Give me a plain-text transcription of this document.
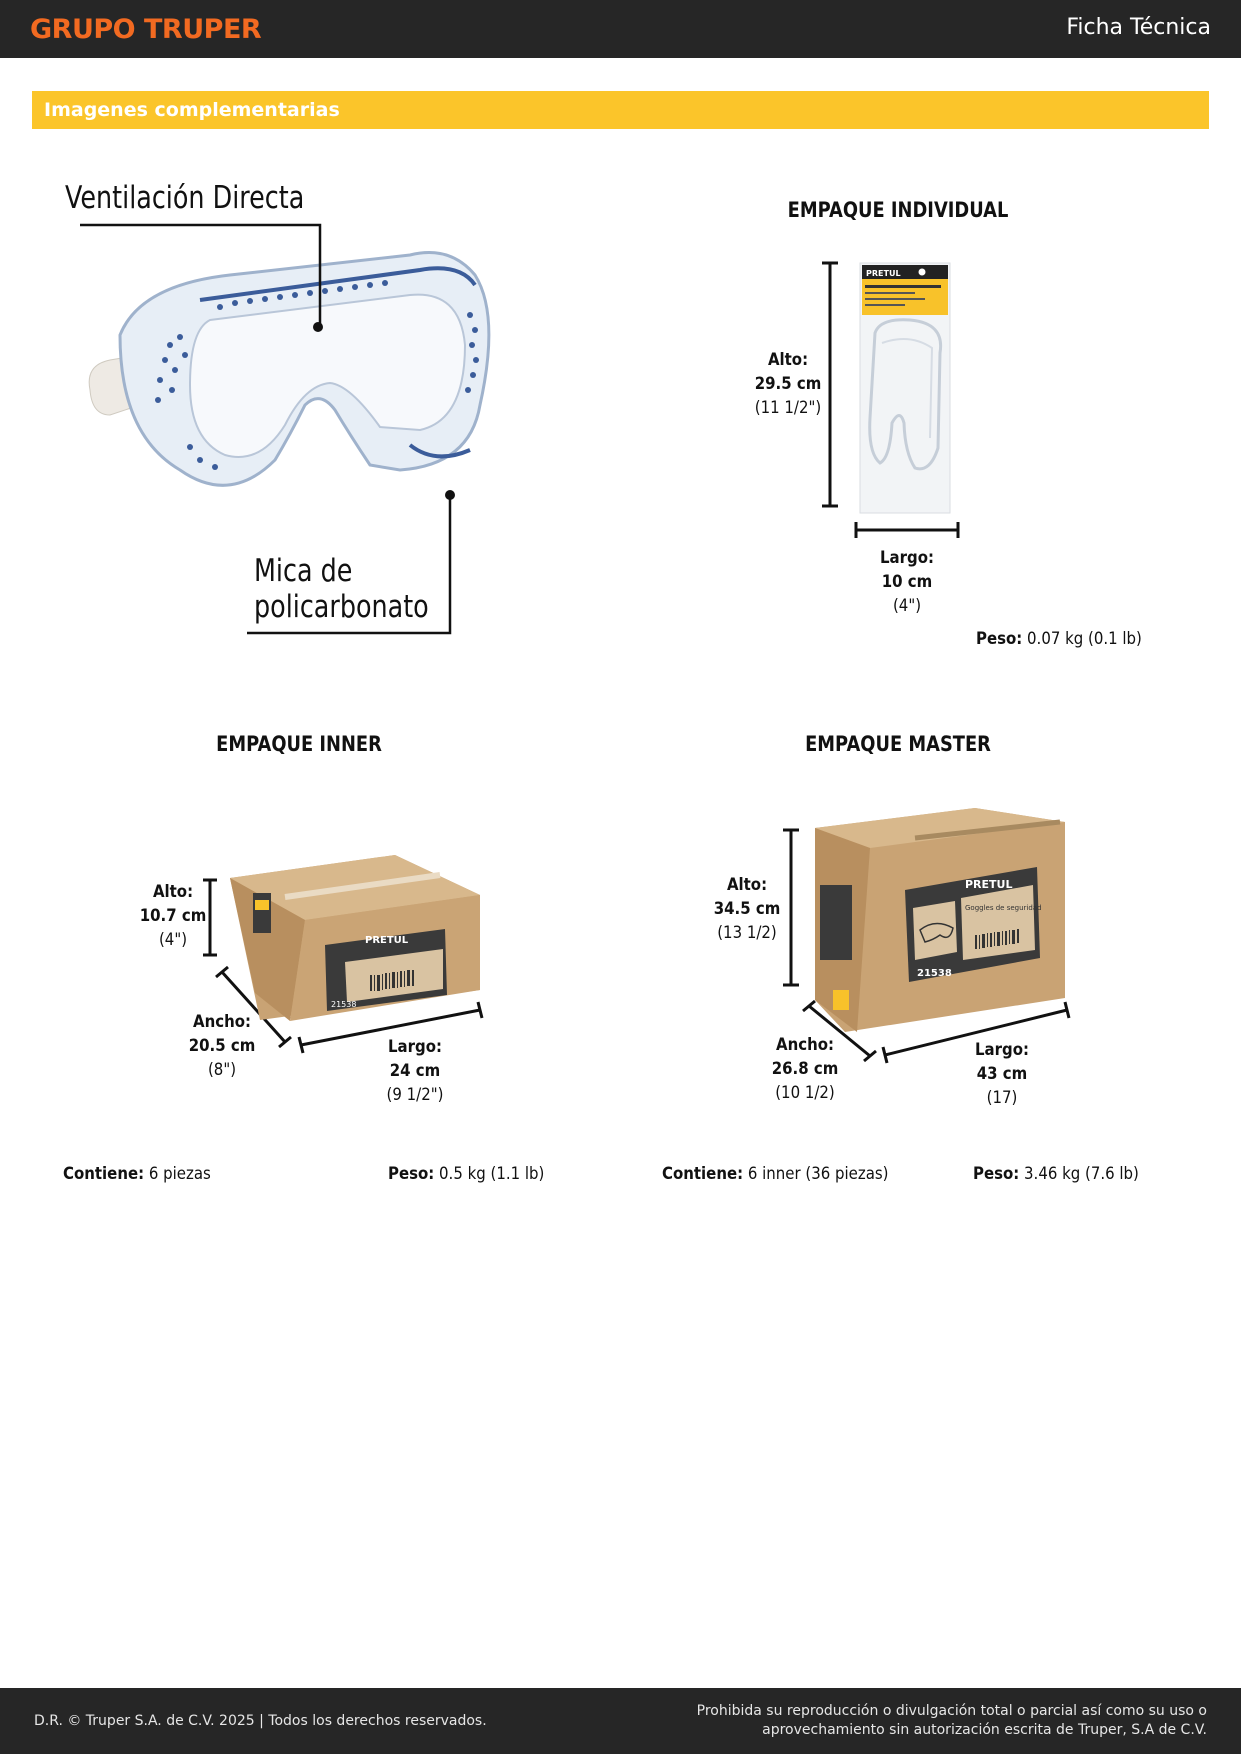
GRUPO TRUPER	Ficha Técnica
Imagenes complementarias
Ventilación Directa
Mica de
policarbonato
EMPAQUE INDIVIDUAL
PRETUL
Alto:
29.5 cm
(11 1/2")
Largo:
10 cm
(4")
Peso: 0.07 kg (0.1 lb)
EMPAQUE INNER
PRETUL
21538
Alto:
10.7 cm
(4")
Ancho:
20.5 cm
(8")
Largo:
24 cm
(9 1/2")
Contiene: 6 piezas	Peso: 0.5 kg (1.1 lb)
EMPAQUE MASTER
PRETUL
Goggles de seguridad
21538
Alto:
34.5 cm
(13 1/2)
Ancho:
26.8 cm
(10 1/2)
Largo:
43 cm
(17)
Contiene: 6 inner (36 piezas)	Peso: 3.46 kg (7.6 lb)
D.R. © Truper S.A. de C.V. 2025 | Todos los derechos reservados.
Prohibida su reproducción o divulgación total o parcial así como su uso o
aprovechamiento sin autorización escrita de Truper, S.A de C.V.
